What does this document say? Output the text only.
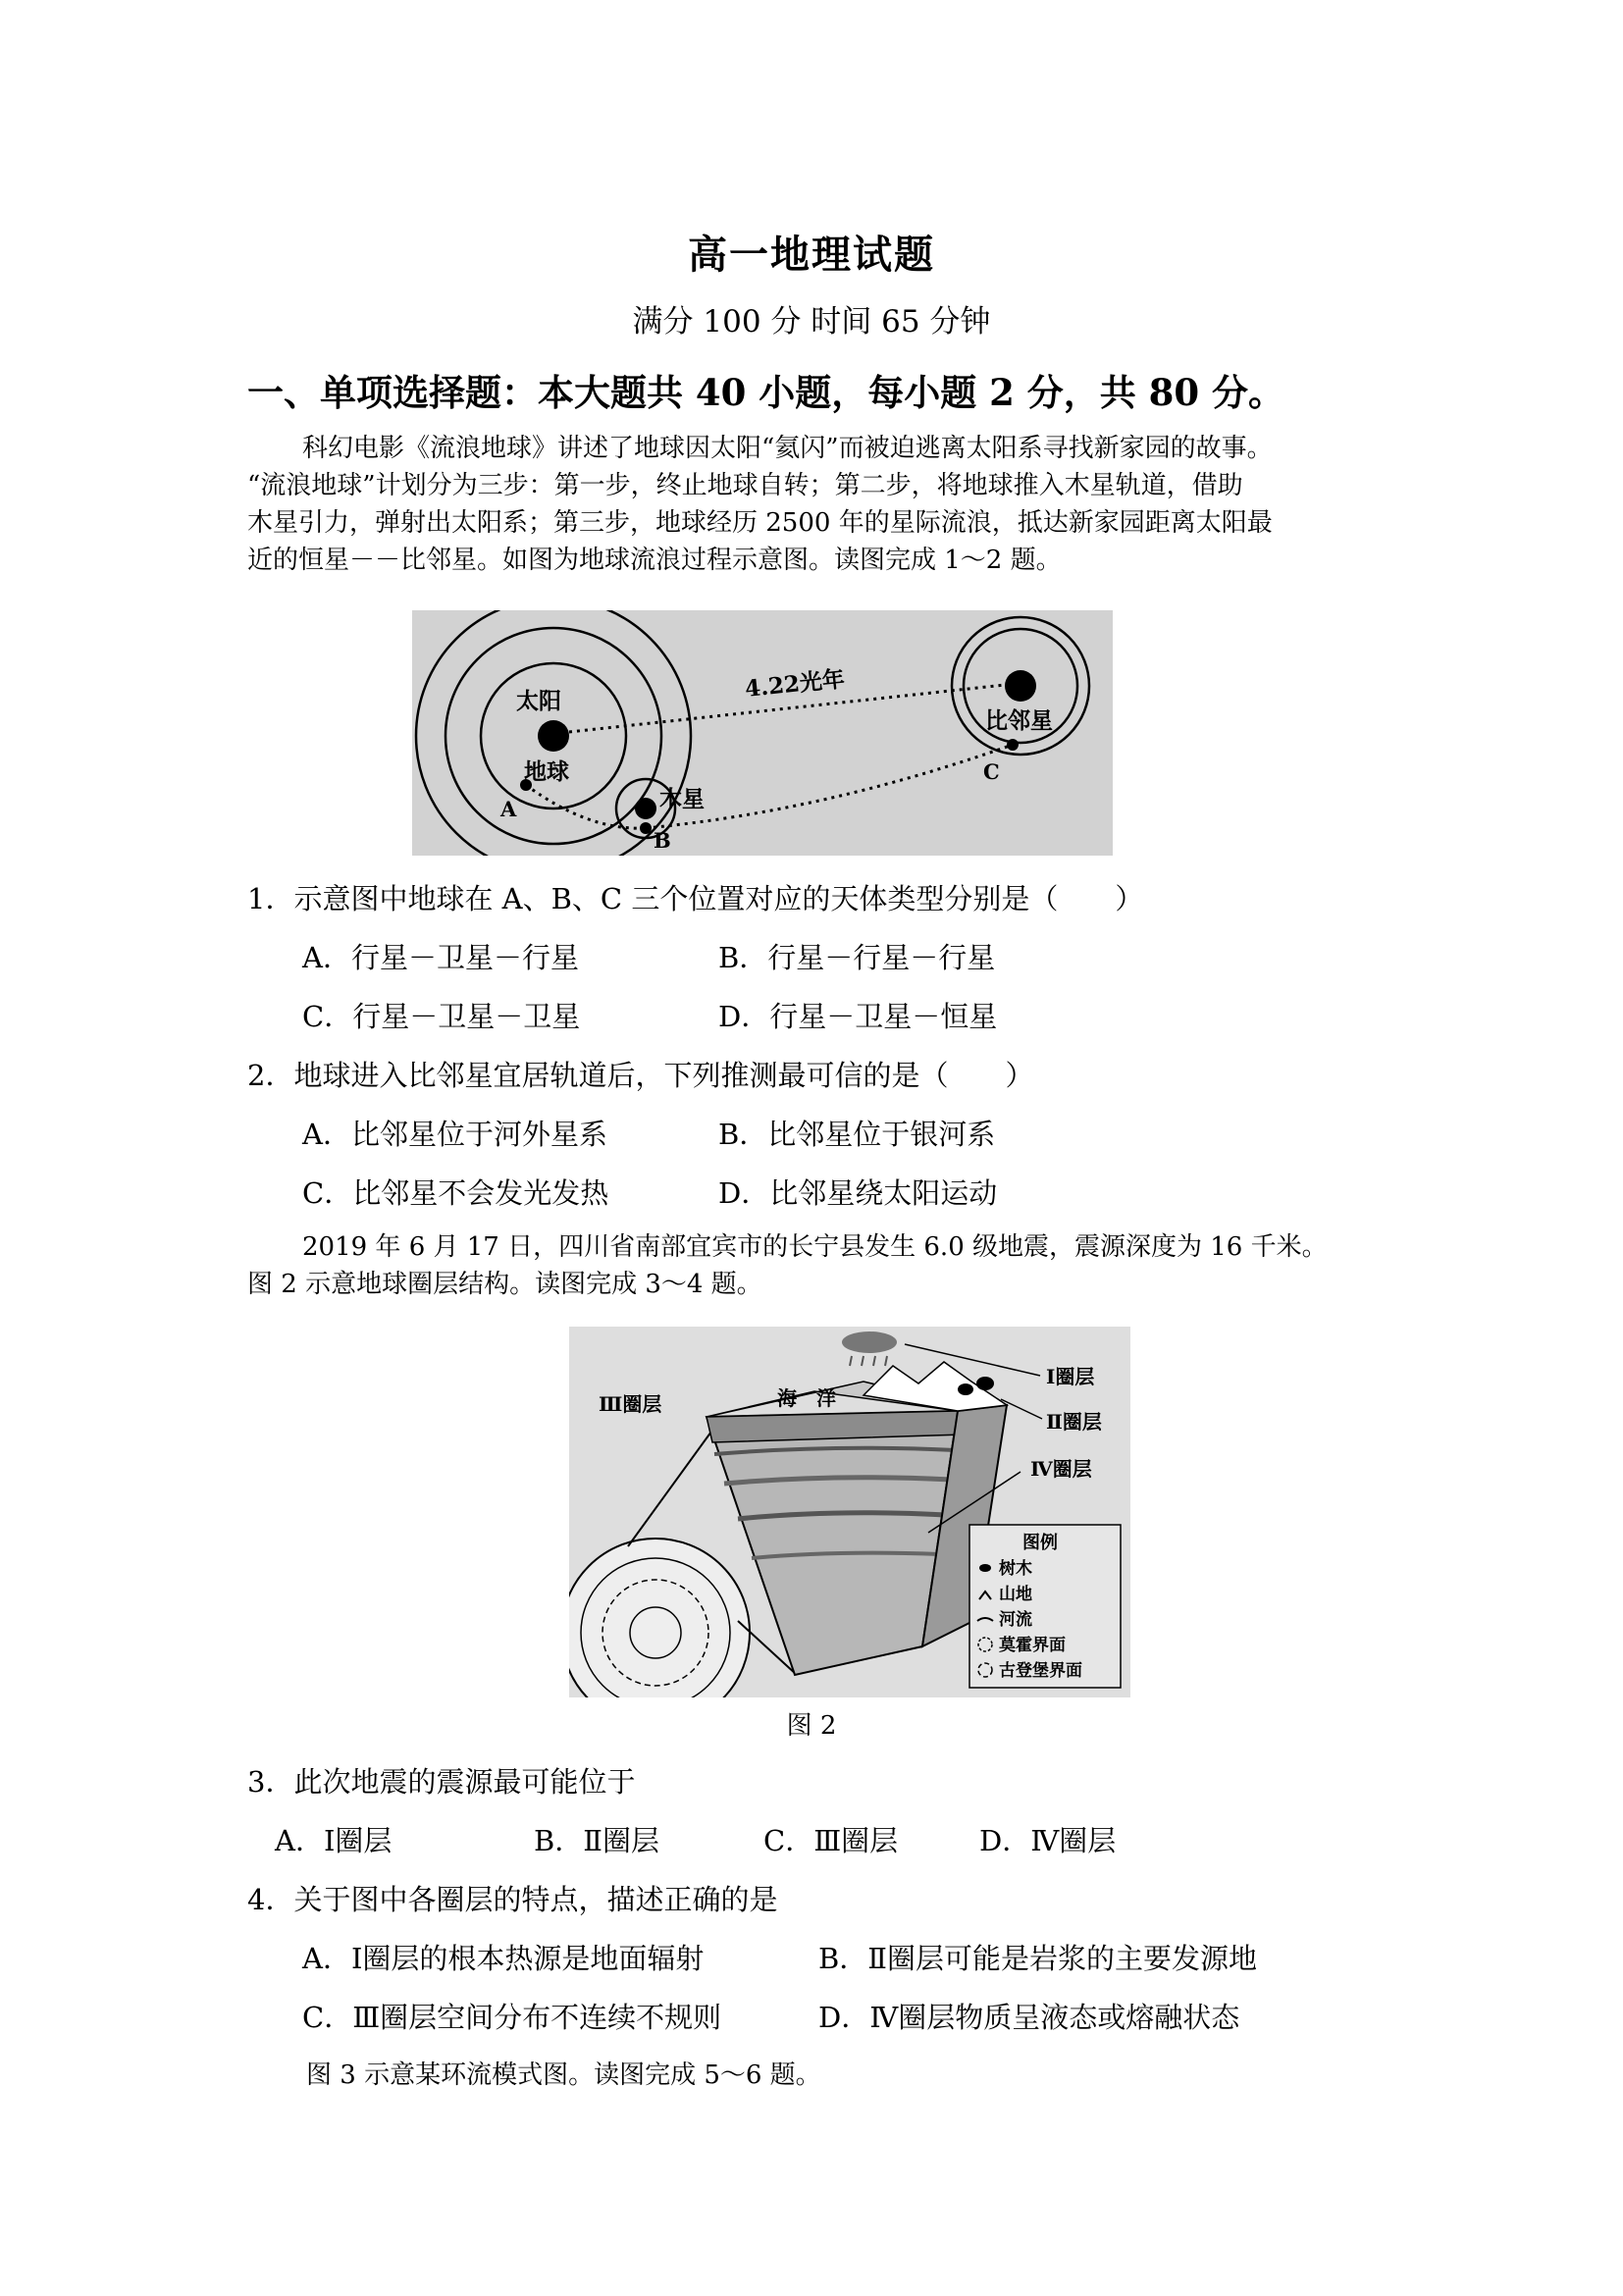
高一地理试题
满分 100 分 时间 65 分钟
一、单项选择题：本大题共 40 小题，每小题 2 分，共 80 分。

科幻电影《流浪地球》讲述了地球因太阳“氦闪”而被迫逃离太阳系寻找新家园的故事。

“流浪地球”计划分为三步：第一步，终止地球自转；第二步，将地球推入木星轨道，借助

木星引力，弹射出太阳系；第三步，地球经历 2500 年的星际流浪，抵达新家园距离太阳最

近的恒星－－比邻星。如图为地球流浪过程示意图。读图完成 1～2 题。

太阳
地球
木星
比邻星
4.22光年
A
B
C
1．示意图中地球在 A、B、C 三个位置对应的天体类型分别是（　　）
A．行星－卫星－行星	B．行星－行星－行星
C．行星－卫星－卫星	D．行星－卫星－恒星
2．地球进入比邻星宜居轨道后，下列推测最可信的是（　　）
A．比邻星位于河外星系	B．比邻星位于银河系
C．比邻星不会发光发热	D．比邻星绕太阳运动

2019 年 6 月 17 日，四川省南部宜宾市的长宁县发生 6.0 级地震，震源深度为 16 千米。

图 2 示意地球圈层结构。读图完成 3～4 题。

Ⅰ圈层
Ⅱ圈层
Ⅲ圈层
Ⅳ圈层
海　洋
图例
树木
山地
河流
莫霍界面
古登堡界面
图 2
3．此次地震的震源最可能位于
A．Ⅰ圈层	B．Ⅱ圈层	C．Ⅲ圈层	D．Ⅳ圈层
4．关于图中各圈层的特点，描述正确的是
A．Ⅰ圈层的根本热源是地面辐射	B．Ⅱ圈层可能是岩浆的主要发源地
C．Ⅲ圈层空间分布不连续不规则	D．Ⅳ圈层物质呈液态或熔融状态

图 3 示意某环流模式图。读图完成 5～6 题。
